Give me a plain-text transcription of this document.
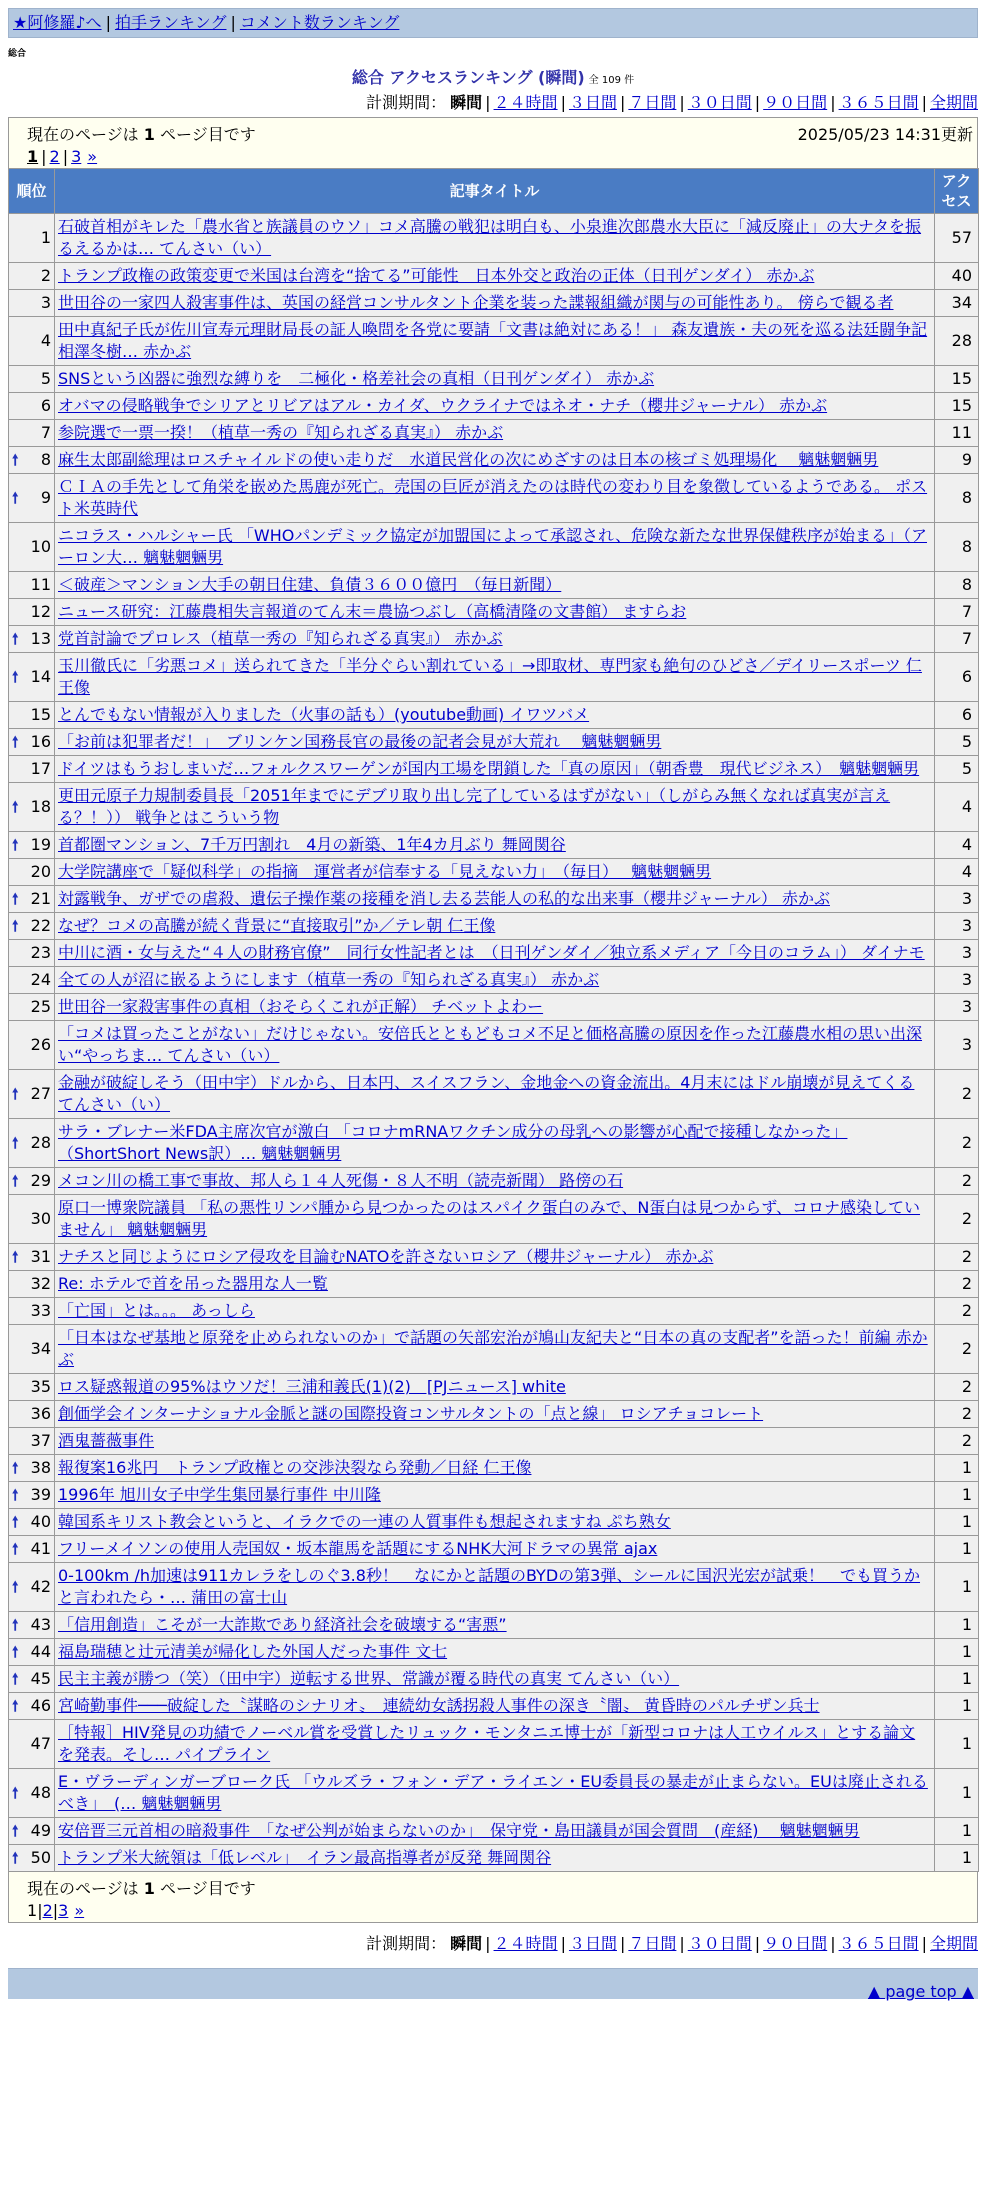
★阿修羅♪へ | 拍手ランキング | コメント数ランキング
総合
総合 アクセスランキング (瞬間) 全 109 件
計測期間： 瞬間 | ２４時間 | ３日間 | ７日間 | ３０日間 | ９０日間 | ３６５日間 | 全期間
現在のページは 1 ページ目です	2025/05/23 14:31更新
1 | 2 | 3 »
順位	記事タイトル	アクセス
1	石破首相がキレた「農水省と族議員のウソ」コメ高騰の戦犯は明白も、小泉進次郎農水大臣に「減反廃止」の大ナタを振るえるかは… てんさい（い）	57
2	トランプ政権の政策変更で米国は台湾を“捨てる”可能性　日本外交と政治の正体（日刊ゲンダイ） 赤かぶ	40
3	世田谷の一家四人殺害事件は、英国の経営コンサルタント企業を装った諜報組織が関与の可能性あり。 傍らで観る者	34
4	田中真紀子氏が佐川宣寿元理財局長の証人喚問を各党に要請「文書は絶対にある！」 森友遺族・夫の死を巡る法廷闘争記相澤冬樹… 赤かぶ	28
5	SNSという凶器に強烈な縛りを　二極化・格差社会の真相（日刊ゲンダイ） 赤かぶ	15
6	オバマの侵略戦争でシリアとリビアはアル・カイダ、ウクライナではネオ・ナチ（櫻井ジャーナル） 赤かぶ	15
7	参院選で一票一揆！（植草一秀の『知られざる真実』） 赤かぶ	11

🠕 8	麻生太郎副総理はロスチャイルドの使い走りだ　水道民営化の次にめざすのは日本の核ゴミ処理場化　 魑魅魍魎男	9

🠕 9	ＣＩＡの手先として角栄を嵌めた馬鹿が死亡。売国の巨匠が消えたのは時代の変わり目を象徴しているようである。 ポスト米英時代	8
10	ニコラス・ハルシャー氏 「WHOパンデミック協定が加盟国によって承認され、危険な新たな世界保健秩序が始まる」（アーロン大… 魑魅魍魎男	8
11	＜破産＞マンション大手の朝日住建、負債３６００億円　（毎日新聞）	8
12	ニュース研究：江藤農相失言報道のてん末＝農協つぶし（高橋清隆の文書館） ますらお	7

🠕 13	党首討論でプロレス（植草一秀の『知られざる真実』） 赤かぶ	7

🠕 14	玉川徹氏に「劣悪コメ」送られてきた「半分ぐらい割れている」→即取材、専門家も絶句のひどさ／デイリースポーツ 仁王像	6
15	とんでもない情報が入りました（火事の話も）(youtube動画) イワツバメ	6

🠕 16	「お前は犯罪者だ！」　ブリンケン国務長官の最後の記者会見が大荒れ　 魑魅魍魎男	5
17	ドイツはもうおしまいだ…フォルクスワーゲンが国内工場を閉鎖した「真の原因」（朝香豊　現代ビジネス）　魑魅魍魎男	5

🠕 18	更田元原子力規制委員長「2051年までにデブリ取り出し完了しているはずがない」（しがらみ無くなれば真実が言える？！）） 戦争とはこういう物	4

🠕 19	首都圏マンション、7千万円割れ　4月の新築、1年4カ月ぶり 舞岡関谷	4
20	大学院講座で「疑似科学」の指摘　運営者が信奉する「見えない力」　（毎日）　 魑魅魍魎男	4

🠕 21	対露戦争、ガザでの虐殺、遺伝子操作薬の接種を消し去る芸能人の私的な出来事（櫻井ジャーナル） 赤かぶ	3

🠕 22	なぜ？コメの高騰が続く背景に“直接取引”か／テレ朝 仁王像	3
23	中川に酒・女与えた“４人の財務官僚”　同行女性記者とは　（日刊ゲンダイ／独立系メディア「今日のコラム」） ダイナモ	3
24	全ての人が沼に嵌るようにします（植草一秀の『知られざる真実』） 赤かぶ	3
25	世田谷一家殺害事件の真相（おそらくこれが正解） チベットよわー	3
26	「コメは買ったことがない」だけじゃない。安倍氏とともどもコメ不足と価格高騰の原因を作った江藤農水相の思い出深い“やっちま… てんさい（い）	3

🠕 27	金融が破綻しそう（田中宇）ドルから、日本円、スイスフラン、金地金への資金流出。4月末にはドル崩壊が見えてくる てんさい（い）	2

🠕 28	サラ・ブレナー米FDA主席次官が激白 「コロナmRNAワクチン成分の母乳への影響が心配で接種しなかった」（ShortShort News訳）… 魑魅魍魎男	2

🠕 29	メコン川の橋工事で事故、邦人ら１４人死傷・８人不明（読売新聞） 路傍の石	2
30	原口一博衆院議員 「私の悪性リンパ腫から見つかったのはスパイク蛋白のみで、N蛋白は見つからず、コロナ感染していません」 魑魅魍魎男	2

🠕 31	ナチスと同じようにロシア侵攻を目論むNATOを許さないロシア（櫻井ジャーナル） 赤かぶ	2
32	Re: ホテルで首を吊った器用な人一覧	2
33	「亡国」とは。。。 あっしら	2
34	「日本はなぜ基地と原発を止められないのか」で話題の矢部宏治が鳩山友紀夫と“日本の真の支配者”を語った！前編 赤かぶ	2
35	ロス疑惑報道の95%はウソだ！三浦和義氏(1)(2)　[PJニュース] white	2
36	創価学会インターナショナル金脈と謎の国際投資コンサルタントの「点と線」 ロシアチョコレート	2
37	酒鬼薔薇事件	2

🠕 38	報復案16兆円　トランプ政権との交渉決裂なら発動／日経 仁王像	1

🠕 39	1996年 旭川女子中学生集団暴行事件 中川隆	1

🠕 40	韓国系キリスト教会というと、イラクでの一連の人質事件も想起されますね ぷち熟女	1

🠕 41	フリーメイソンの使用人売国奴・坂本龍馬を話題にするNHK大河ドラマの異常 ajax	1

🠕 42	0-100km /h加速は911カレラをしのぐ3.8秒！　なにかと話題のBYDの第3弾、シールに国沢光宏が試乗！　でも買うかと言われたら・… 蒲田の富士山	1

🠕 43	「信用創造」こそが一大詐欺であり経済社会を破壊する“害悪”	1

🠕 44	福島瑞穂と辻元清美が帰化した外国人だった事件 文七	1

🠕 45	民主主義が勝つ（笑）（田中宇）逆転する世界、常識が覆る時代の真実 てんさい（い）	1

🠕 46	宮崎勤事件───破綻した〝謀略のシナリオ〟　連続幼女誘拐殺人事件の深き〝闇〟 黄昏時のパルチザン兵士	1
47	［特報］HIV発見の功績でノーベル賞を受賞したリュック・モンタニエ博士が「新型コロナは人工ウイルス」とする論文を発表。そし… パイプライン	1

🠕 48	E・ヴラーディンガーブローク氏 「ウルズラ・フォン・デア・ライエン・EU委員長の暴走が止まらない。EUは廃止されるべき」　(… 魑魅魍魎男	1

🠕 49	安倍晋三元首相の暗殺事件　「なぜ公判が始まらないのか」　保守党・島田議員が国会質問　(産経)　 魑魅魍魎男	1

🠕 50	トランプ米大統領は「低レベル」　イラン最高指導者が反発 舞岡関谷	1
現在のページは 1 ページ目です
1|2|3 »
計測期間： 瞬間 | ２４時間 | ３日間 | ７日間 | ３０日間 | ９０日間 | ３６５日間 | 全期間
▲ page top ▲
